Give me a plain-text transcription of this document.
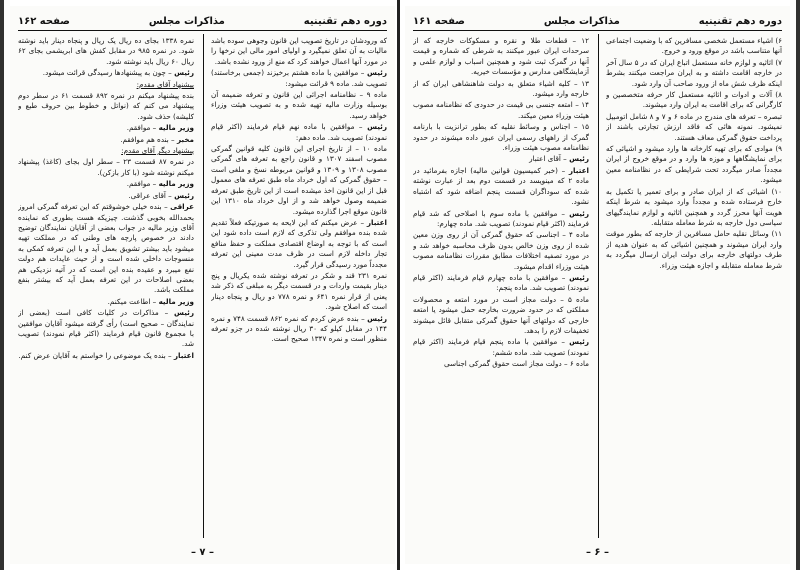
صفحه ۱۶۲	مذاکرات مجلس	دوره دهم تقنینیه

که ورودشان در تاریخ تصویب این قانون وجوهی سوده باشد مالیات به آن تعلق نمیگیرد و اولیای امور مالی این نرخها را در مورد آنها اعمال خواهند کرد که منع از ورود نشده باشد.

رئیس – موافقین با ماده هشتم برخیزند (جمعی برخاستند) تصویب شد. ماده ۹ قرائت میشود:

ماده ۹ – نظامنامه اجرائی این قانون و تعرفه ضمیمه آن بوسیله وزارت مالیه تهیه شده و به تصویب هیئت وزراء خواهد رسید.

رئیس – موافقین با ماده نهم قیام فرمایند (اکثر قیام نمودند) تصویب شد. ماده دهم:

ماده ۱۰ – از تاریخ اجرای این قانون کلیه قوانین گمرکی مصوب اسفند ۱۳۰۷ و قانون راجع به تعرفه های گمرکی مصوب ۱۳۰۸ و ۱۳۰۹ و قوانین مربوطه نسخ و ملغی است – حقوق گمرکی که اول خرداد ماه طبق تعرفه های معمول قبل از این قانون اخذ میشده است از این تاریخ طبق تعرفه ضمیمه وصول خواهد شد و از اول خرداد ماه ۱۳۱۰ این قانون موقع اجرا گذارده میشود.

اعتبار – عرض میکنم که این لایحه به صورتیکه فعلاً تقدیم شده بنده موافقم ولی تذکری که لازم است داده شود این است که با توجه به اوضاع اقتصادی مملکت و حفظ منافع تجار داخله لازم است در ظرف مدت معینی این تعرفه مجدداً مورد رسیدگی قرار گیرد.

نمره ۲۳۱ قند و شکر در تعرفه نوشته شده یکریال و پنج دینار بقیمت واردات و در قسمت دیگر به مبلغی که ذکر شد یعنی از قرار نمره ۶۴۱ و نمره ۷۷۸ دو ریال و پنجاه دینار است که اصلاح شود.

رئیس – بنده عرض کردم که نمره ۸۶۲ قسمت ۷۴۸ و نمره ۱۴۴ در مقابل کیلو که ۳۰ ریال نوشته شده در جزو تعرفه منظور است و نمره ۱۳۴۷ صحیح است.

نمره ۱۳۳۸ بجای ده ریال یک ریال و پنجاه دینار باید نوشته شود. در نمره ۹۸۵ در مقابل کفش های ابریشمی بجای ۶۲ ریال ۶۰ ریال باید نوشته شود.

رئیس – چون به پیشنهادها رسیدگی قرائت میشود.

پیشنهاد آقای مقدم:

بنده پیشنهاد میکنم در نمره ۸۹۲ قسمت ۶۱ در سطر دوم پیشنهاد می کنم که (نواتل و خطوط بین حروف طبع و کلیشه) حذف شود.

وزیر مالیه – موافقم.

مخبر – بنده هم موافقم.

پیشنهاد دیگر آقای مقدم:

در نمره ۸۷ قسمت ۲۳ – سطر اول بجای (کاغذ) پیشنهاد میکنم نوشته شود (با کار بازکن).

وزیر مالیه – موافقم.

رئیس – آقای عراقی.

عراقی – بنده خیلی خوشوقتم که این تعرفه گمرکی امروز بحمدالله بخوبی گذشت. چیزیکه هست بطوری که نماینده آقای وزیر مالیه در جواب بعضی از آقایان نمایندگان توضیح دادند در خصوص پارچه های وطنی که در مملکت تهیه میشود باید بیشتر تشویق بعمل آید و با این تعرفه کمکی به منسوجات داخلی شده است و از حیث عایدات هم دولت نفع میبرد و عقیده بنده این است که در آتیه نزدیکی هم بعضی اصلاحات در این تعرفه بعمل آید که بیشتر بنفع مملکت باشد.

وزیر مالیه – اطاعت میکنم.

رئیس – مذاکرات در کلیات کافی است (بعضی از نمایندگان – صحیح است) رأی گرفته میشود آقایان موافقین با مجموع قانون قیام فرمایند (اکثر قیام نمودند) تصویب شد.

اعتبار – بنده یک موضوعی را خواستم به آقایان عرض کنم.

– ۷ –
صفحه ۱۶۱	مذاکرات مجلس	دوره دهم تقنینیه

۶) اشیاء مستعمل شخصی مسافرین که با وضعیت اجتماعی آنها متناسب باشد در موقع ورود و خروج.

۷) اثاثیه و لوازم خانه مستعمل اتباع ایران که در ۵ سال آخر در خارجه اقامت داشته و به ایران مراجعت میکنند بشرط اینکه ظرف شش ماه از ورود صاحب آن وارد شود.

۸) آلات و ادوات و اثاثیه مستعمل کار حرفه متخصصین و کارگرانی که برای اقامت به ایران وارد میشوند.

تبصره – تعرفه های مندرج در ماده ۶ و ۷ و ۸ شامل اتومبیل نمیشود. نمونه هائی که فاقد ارزش تجارتی باشند از پرداخت حقوق گمرکی معاف هستند.

۹) موادی که برای تهیه کارخانه ها وارد میشود و اشیائی که برای نمایشگاهها و موزه ها وارد و در موقع خروج از ایران مجدداً صادر میگردد تحت شرایطی که در نظامنامه معین میشود.

۱۰) اشیائی که از ایران صادر و برای تعمیر یا تکمیل به خارج فرستاده شده و مجدداً وارد میشود به شرط اینکه هویت آنها محرز گردد و همچنین اثاثیه و لوازم نمایندگیهای سیاسی دول خارجه به شرط معامله متقابله.

۱۱) وسائل نقلیه حامل مسافرین از خارجه که بطور موقت وارد ایران میشوند و همچنین اشیائی که به عنوان هدیه از طرف دولتهای خارجه برای دولت ایران ارسال میگردد به شرط معامله متقابله و اجازه هیئت وزراء.

۱۲ – قطعات طلا و نقره و مسکوکات خارجه که از سرحدات ایران عبور میکنند به شرطی که شماره و قیمت آنها در گمرک ثبت شود و همچنین اسباب و لوازم علمی و آزمایشگاهی مدارس و مؤسسات خیریه.

۱۳ – کلیه اشیاء متعلق به دولت شاهنشاهی ایران که از خارجه وارد میشود.

۱۴ – امتعه جنسی بی قیمت در حدودی که نظامنامه مصوب هیئت وزراء معین میکند.

۱۵ – اجناس و وسائط نقلیه که بطور ترانزیت با بارنامه گمرک از راههای رسمی ایران عبور داده میشوند در حدود نظامنامه مصوب هیئت وزراء.

رئیس – آقای اعتبار

اعتبار – (خبر کمیسیون قوانین مالیه) اجازه بفرمائید در ماده ۲ که مینویسد در قسمت دوم بعد از عبارت نوشته شده که سوداگران قسمت پنجم اضافه شود که اشتباه نشود.

رئیس – موافقین با ماده سوم با اصلاحی که شد قیام فرمایند (اکثر قیام نمودند) تصویب شد. ماده چهارم:

ماده ۴ – اجناسی که حقوق گمرکی آن از روی وزن معین شده از روی وزن خالص بدون ظرف محاسبه خواهد شد و در مورد تصفیه اختلافات مطابق مقررات نظامنامه مصوب هیئت وزراء اقدام میشود.

رئیس – موافقین با ماده چهارم قیام فرمایند (اکثر قیام نمودند) تصویب شد. ماده پنجم:

ماده ۵ – دولت مجاز است در مورد امتعه و محصولات مملکتی که در حدود ضرورت بخارجه حمل میشود یا امتعه خارجی که دولتهای آنها حقوق گمرکی متقابل قائل میشوند تخفیفات لازم را بدهد.

رئیس – موافقین با ماده پنجم قیام فرمایند (اکثر قیام نمودند) تصویب شد. ماده ششم:

ماده ۶ – دولت مجاز است حقوق گمرکی اجناسی

– ۶ –
